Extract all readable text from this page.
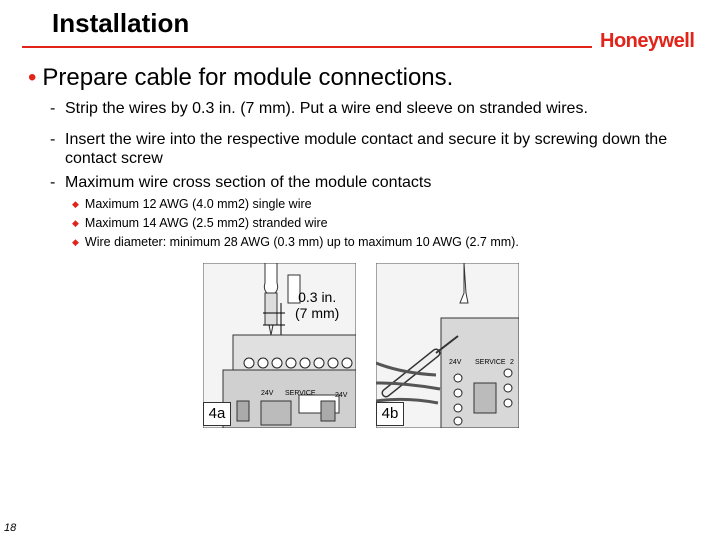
Installation
Honeywell
• Prepare cable for module connections.
- Strip the wires by 0.3 in. (7 mm). Put a wire end sleeve on stranded wires.
- Insert the wire into the respective module contact and secure it by screwing down the contact screw
- Maximum wire cross section of the module contacts
◆ Maximum 12 AWG (4.0 mm2) single wire
◆ Maximum 14 AWG (2.5 mm2) stranded wire
◆ Wire diameter: minimum 28 AWG (0.3 mm) up to maximum 10 AWG (2.7 mm).
0.3 in.
(7 mm)
24V SERVICE	24V
4a
24V SERVICE 2
4b
18
